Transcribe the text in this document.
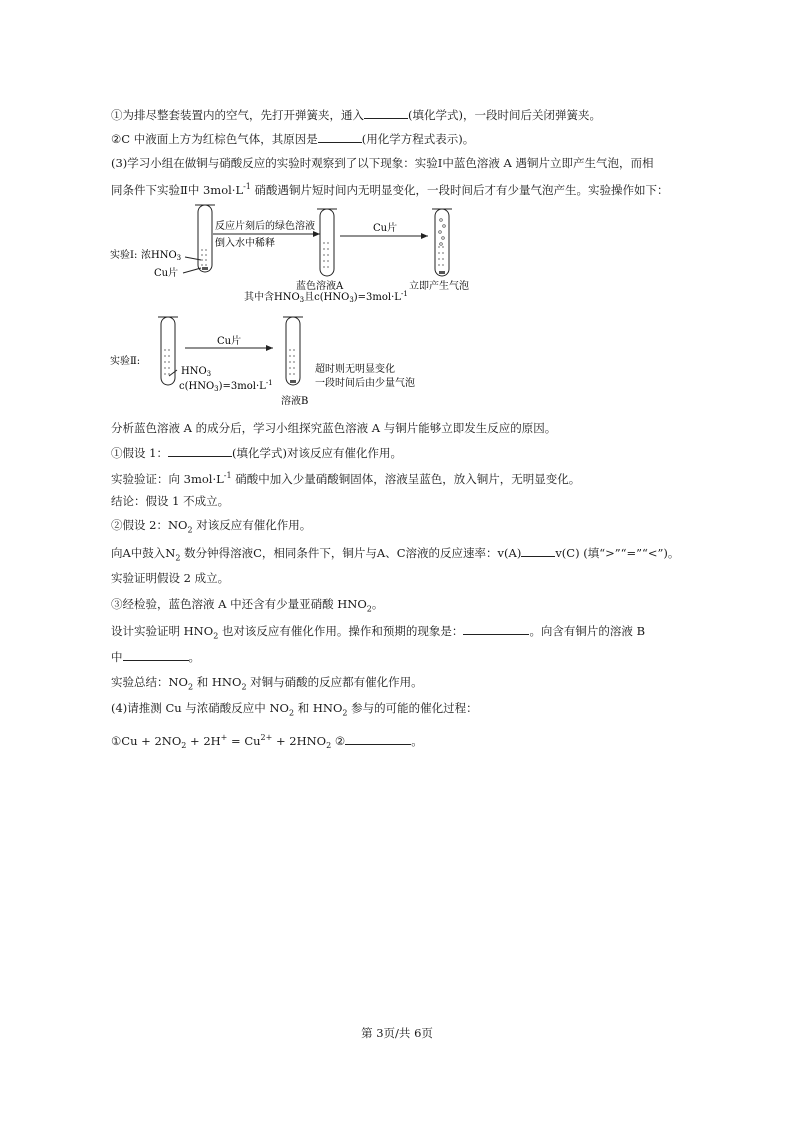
①为排尽整套装置内的空气，先打开弹簧夹，通入	(填化学式)，一段时间后关闭弹簧夹。
②C 中液面上方为红棕色气体，其原因是	(用化学方程式表示)。
(3)学习小组在做铜与硝酸反应的实验时观察到了以下现象：实验Ⅰ中蓝色溶液 A 遇铜片立即产生气泡，而相
同条件下实验Ⅱ中 $3mol\cdot L^{-1}$ 硝酸遇铜片短时间内无明显变化，一段时间后才有少量气泡产生。实验操作如下：
实验Ⅰ: 浓$HNO_3$
Cu片
反应片刻后的绿色溶液
倒入水中稀释
Cu片
蓝色溶液A
其中含$HNO_3$且$c(HNO_3)=3mol\cdot L^{-1}$
立即产生气泡
实验Ⅱ:
Cu片
$HNO_3$
$c(HNO_3)=3mol\cdot L^{-1}$
超时则无明显变化
一段时间后由少量气泡
溶液B
分析蓝色溶液 A 的成分后，学习小组探究蓝色溶液 A 与铜片能够立即发生反应的原因。
①假设 1：	(填化学式)对该反应有催化作用。
实验验证：向 $3mol\cdot L^{-1}$ 硝酸中加入少量硝酸铜固体，溶液呈蓝色，放入铜片，无明显变化。
结论：假设 1 不成立。
②假设 2：$NO_2$ 对该反应有催化作用。
向A中鼓入$N_2$ 数分钟得溶液C，相同条件下，铜片与A、C溶液的反应速率：v(A)	v(C) (填“>”“=”“<”)。
实验证明假设 2 成立。
③经检验，蓝色溶液 A 中还含有少量亚硝酸 $HNO_2$。
设计实验证明 $HNO_2$ 也对该反应有催化作用。操作和预期的现象是：	。向含有铜片的溶液 B
中	。
实验总结：$NO_2$ 和 $HNO_2$ 对铜与硝酸的反应都有催化作用。
(4)请推测 Cu 与浓硝酸反应中 $NO_2$ 和 $HNO_2$ 参与的可能的催化过程：
①Cu + $2NO_2 + 2H^+ = Cu^{2+} + 2HNO_2$ ②	。
第 3页/共 6页
